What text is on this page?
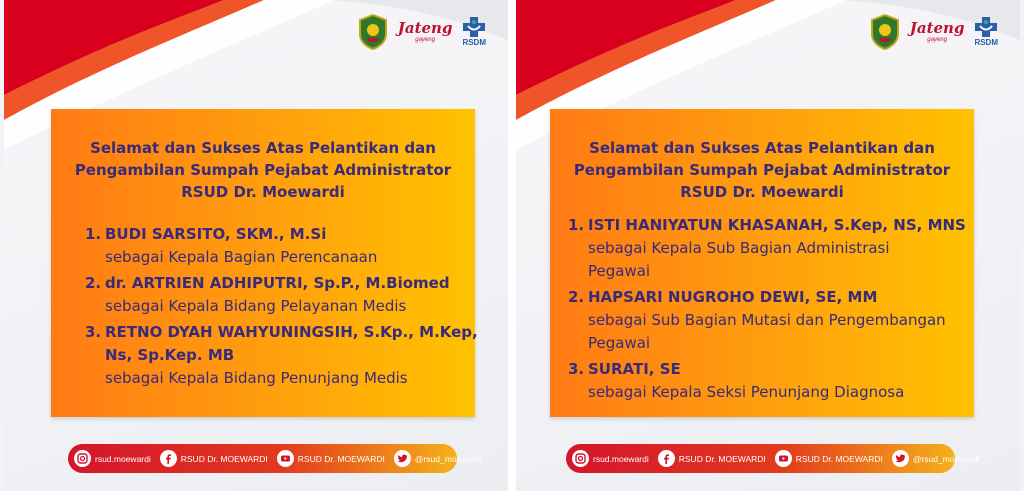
Jateng
gayeng	RSDM
Selamat dan Sukses Atas Pelantikan dan
Pengambilan Sumpah Pejabat Administrator
RSUD Dr. Moewardi
1. BUDI SARSITO, SKM., M.Si
sebagai Kepala Bagian Perencanaan
2. dr. ARTRIEN ADHIPUTRI, Sp.P., M.Biomed
sebagai Kepala Bidang Pelayanan Medis
3. RETNO DYAH WAHYUNINGSIH, S.Kp., M.Kep,
Ns, Sp.Kep. MB
sebagai Kepala Bidang Penunjang Medis
rsud.moewardi	RSUD Dr. MOEWARDI	RSUD Dr. MOEWARDI	@rsud_moewardi
Jateng
gayeng	RSDM
Selamat dan Sukses Atas Pelantikan dan
Pengambilan Sumpah Pejabat Administrator
RSUD Dr. Moewardi
1. ISTI HANIYATUN KHASANAH, S.Kep, NS, MNS
sebagai Kepala Sub Bagian Administrasi
Pegawai
2. HAPSARI NUGROHO DEWI, SE, MM
sebagai Sub Bagian Mutasi dan Pengembangan
Pegawai
3. SURATI, SE
sebagai Kepala Seksi Penunjang Diagnosa
rsud.moewardi	RSUD Dr. MOEWARDI	RSUD Dr. MOEWARDI	@rsud_moewardi
